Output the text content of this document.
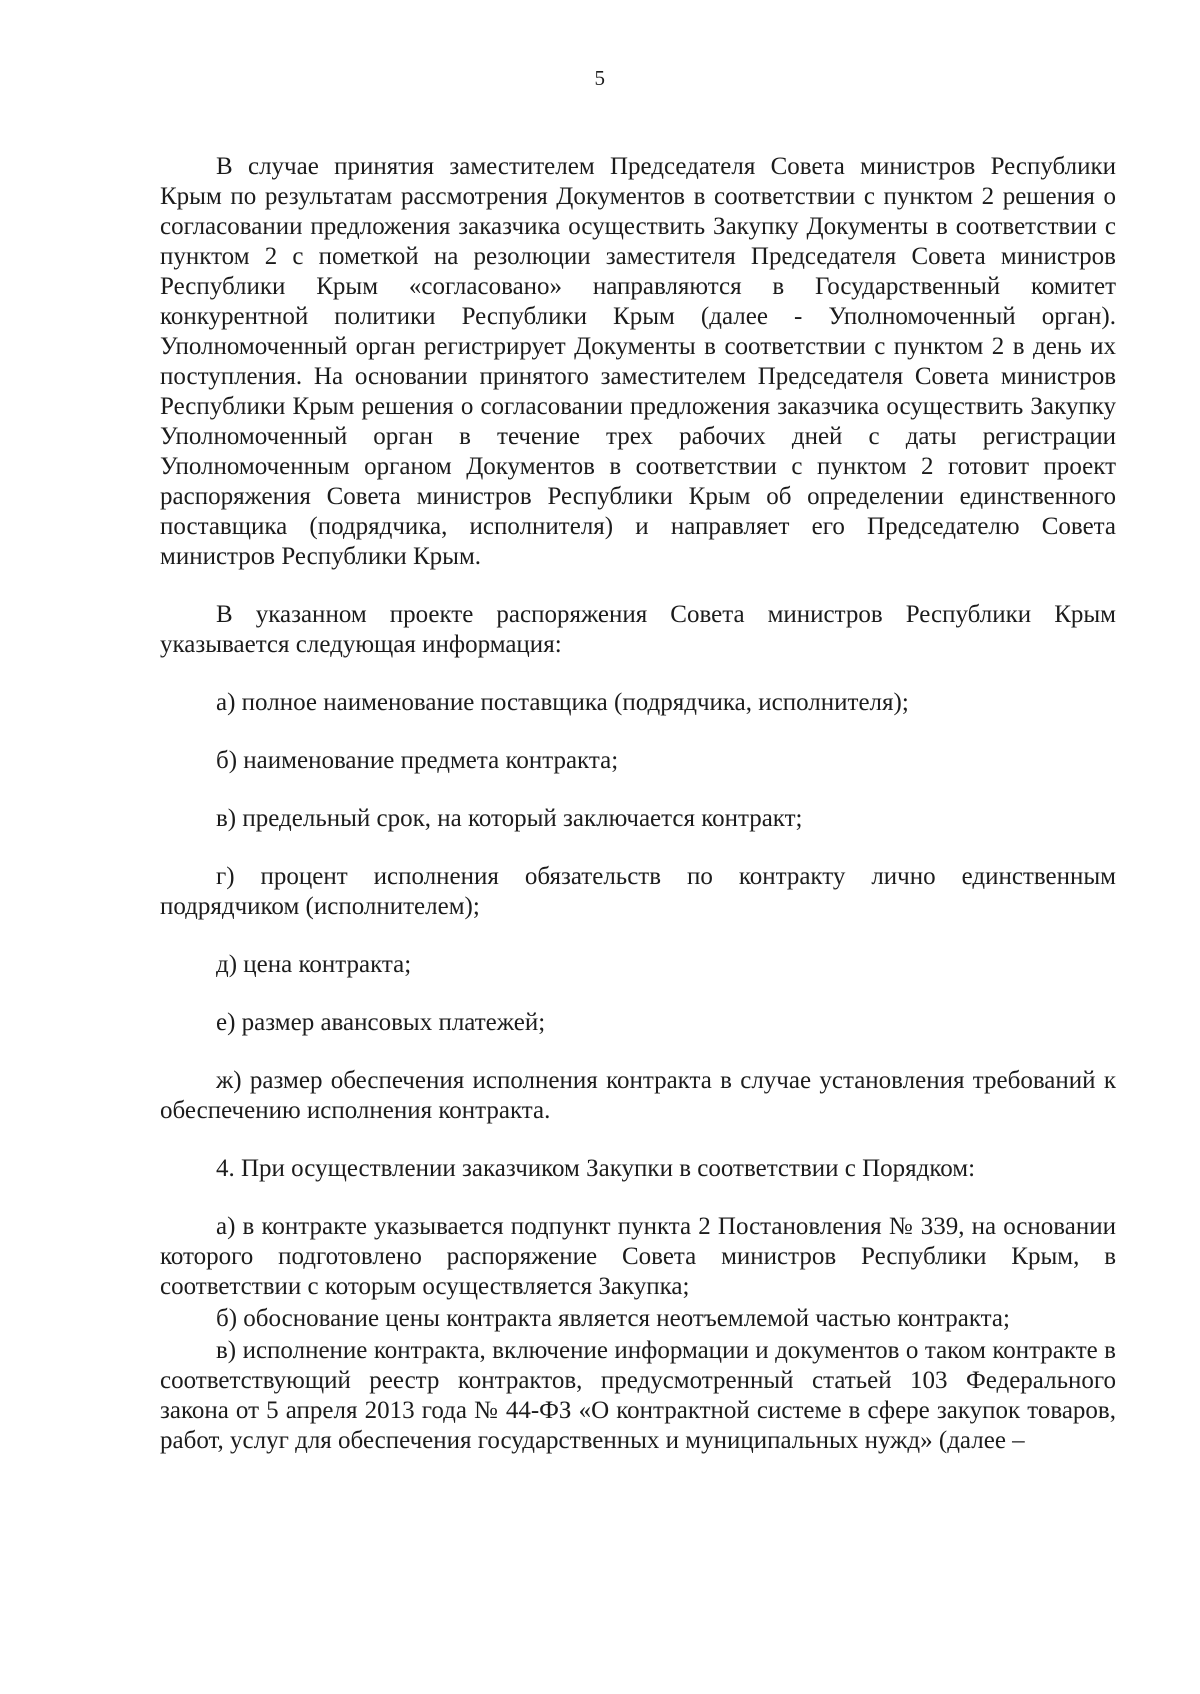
5

В случае принятия заместителем Председателя Совета министров Республики Крым по результатам рассмотрения Документов в соответствии с пунктом 2 решения о согласовании предложения заказчика осуществить Закупку Документы в соответствии с пунктом 2 с пометкой на резолюции заместителя Председателя Совета министров Республики Крым «согласовано» направляются в Государственный комитет конкурентной политики Республики Крым (далее - Уполномоченный орган). Уполномоченный орган регистрирует Документы в соответствии с пунктом 2 в день их поступления. На основании принятого заместителем Председателя Совета министров Республики Крым решения о согласовании предложения заказчика осуществить Закупку Уполномоченный орган в течение трех рабочих дней с даты регистрации Уполномоченным органом Документов в соответствии с пунктом 2 готовит проект распоряжения Совета министров Республики Крым об определении единственного поставщика (подрядчика, исполнителя) и направляет его Председателю Совета министров Республики Крым.

В указанном проекте распоряжения Совета министров Республики Крым указывается следующая информация:

а) полное наименование поставщика (подрядчика, исполнителя);

б) наименование предмета контракта;

в) предельный срок, на который заключается контракт;

г) процент исполнения обязательств по контракту лично единственным подрядчиком (исполнителем);

д) цена контракта;

е) размер авансовых платежей;

ж) размер обеспечения исполнения контракта в случае установления требований к обеспечению исполнения контракта.

4. При осуществлении заказчиком Закупки в соответствии с Порядком:

а) в контракте указывается подпункт пункта 2 Постановления № 339, на основании которого подготовлено распоряжение Совета министров Республики Крым, в соответствии с которым осуществляется Закупка;

б) обоснование цены контракта является неотъемлемой частью контракта;

в) исполнение контракта, включение информации и документов о таком контракте в соответствующий реестр контрактов, предусмотренный статьей 103 Федерального закона от 5 апреля 2013 года № 44-ФЗ «О контрактной системе в сфере закупок товаров, работ, услуг для обеспечения государственных и муниципальных нужд» (далее –
